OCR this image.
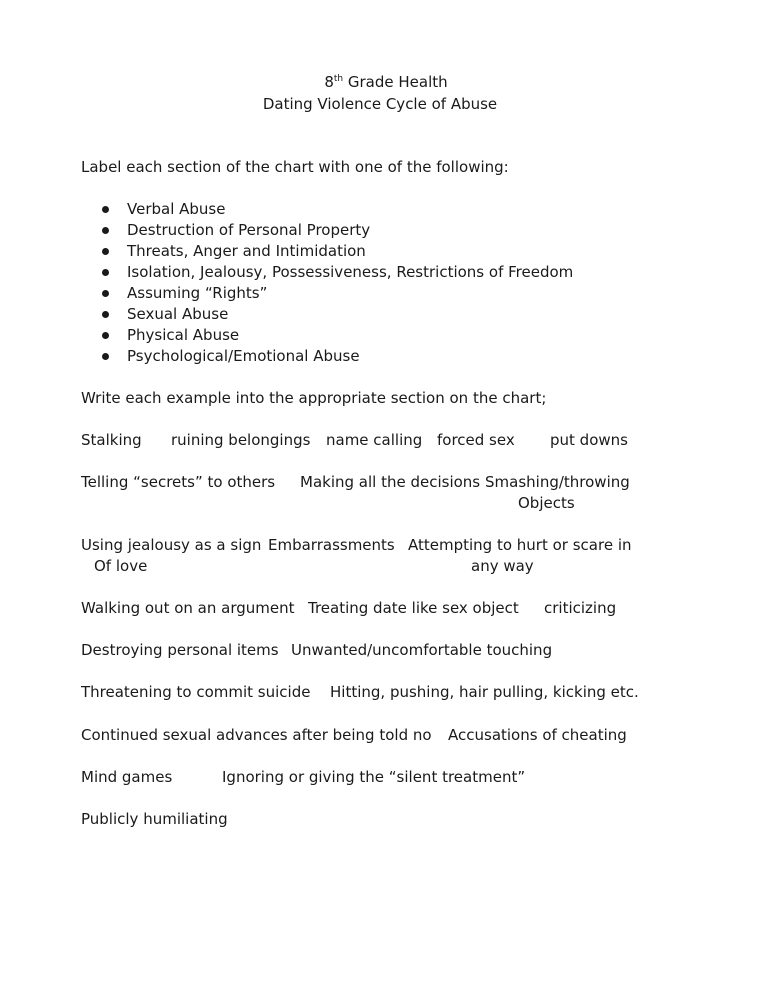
8th Grade Health
Dating Violence Cycle of Abuse
Label each section of the chart with one of the following:
Verbal Abuse
Destruction of Personal Property
Threats, Anger and Intimidation
Isolation, Jealousy, Possessiveness, Restrictions of Freedom
Assuming “Rights”
Sexual Abuse
Physical Abuse
Psychological/Emotional Abuse
Write each example into the appropriate section on the chart;
Stalking ruining belongings name calling forced sex put downs
Telling “secrets” to others Making all the decisions Smashing/throwing
Objects
Using jealousy as a sign
Of love
Embarrassments Attempting to hurt or scare in
any way
Walking out on an argument Treating date like sex object criticizing
Destroying personal items Unwanted/uncomfortable touching
Threatening to commit suicide Hitting, pushing, hair pulling, kicking etc.
Continued sexual advances after being told no Accusations of cheating
Mind games	Ignoring or giving the “silent treatment”
Publicly humiliating
